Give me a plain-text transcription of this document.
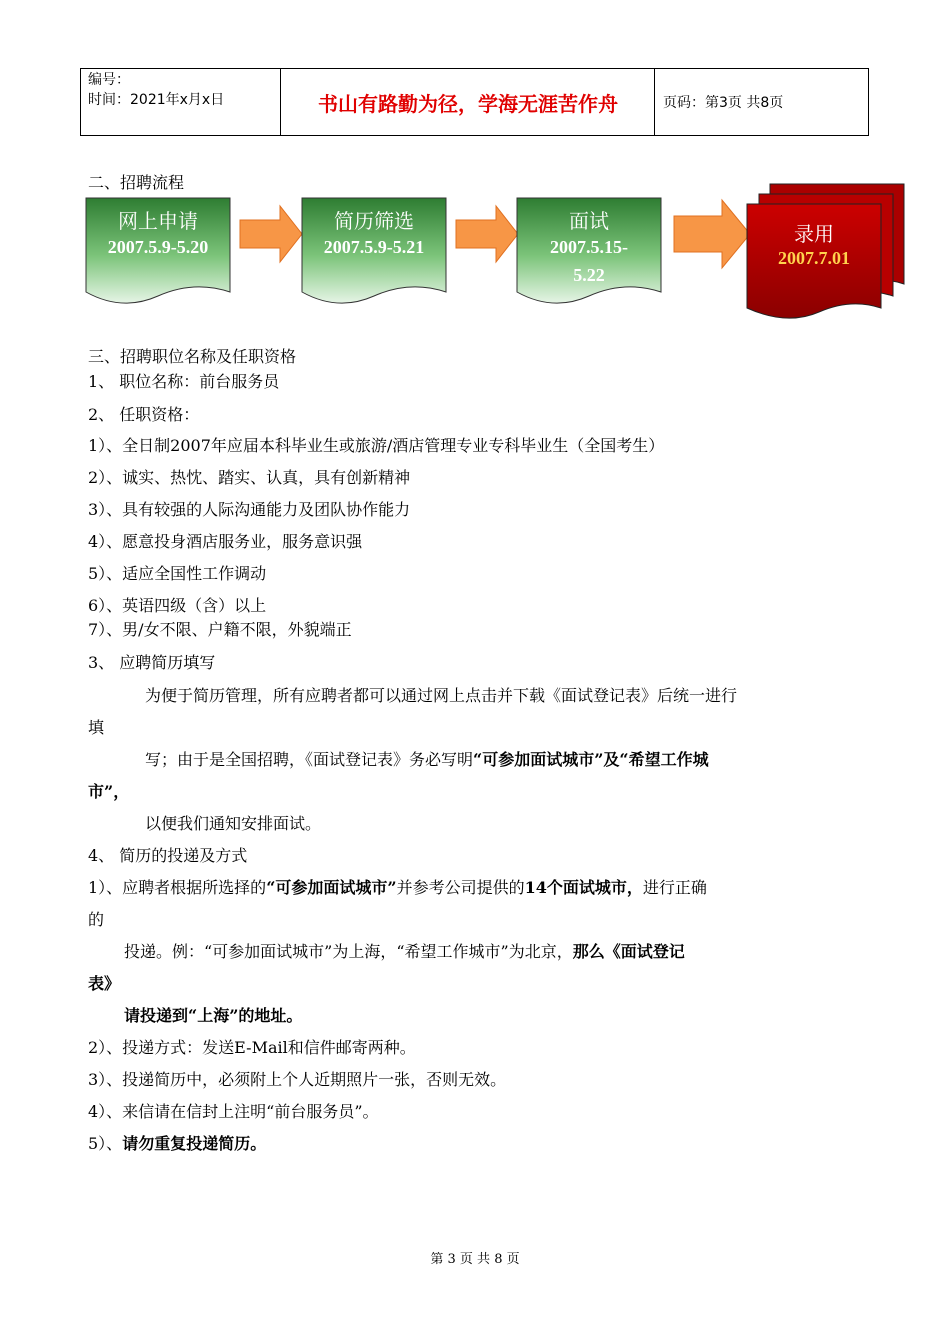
编号：
时间：2021年x月x日	书山有路勤为径，学海无涯苦作舟	页码：第3页 共8页
二、招聘流程
网上申请
2007.5.9-5.20
简历筛选
2007.5.9-5.21
面试
2007.5.15-
5.22
录用
2007.7.01
三、招聘职位名称及任职资格
1、 职位名称：前台服务员
2、 任职资格：
1）、全日制2007年应届本科毕业生或旅游/酒店管理专业专科毕业生（全国考生）
2）、诚实、热忱、踏实、认真，具有创新精神
3）、具有较强的人际沟通能力及团队协作能力
4）、愿意投身酒店服务业，服务意识强
5）、适应全国性工作调动
6）、英语四级（含）以上
7）、男/女不限、户籍不限，外貌端正
3、 应聘简历填写
为便于简历管理，所有应聘者都可以通过网上点击并下载《面试登记表》后统一进行
填
写；由于是全国招聘，《面试登记表》务必写明“可参加面试城市”及“希望工作城
市”，
以便我们通知安排面试。
4、 简历的投递及方式
1）、应聘者根据所选择的“可参加面试城市”并参考公司提供的14个面试城市，进行正确
的
投递。例：“可参加面试城市”为上海，“希望工作城市”为北京，那么《面试登记
表》
请投递到“上海”的地址。
2）、投递方式：发送E-Mail和信件邮寄两种。
3）、投递简历中，必须附上个人近期照片一张，否则无效。
4）、来信请在信封上注明“前台服务员”。
5）、请勿重复投递简历。
第 3 页 共 8 页
